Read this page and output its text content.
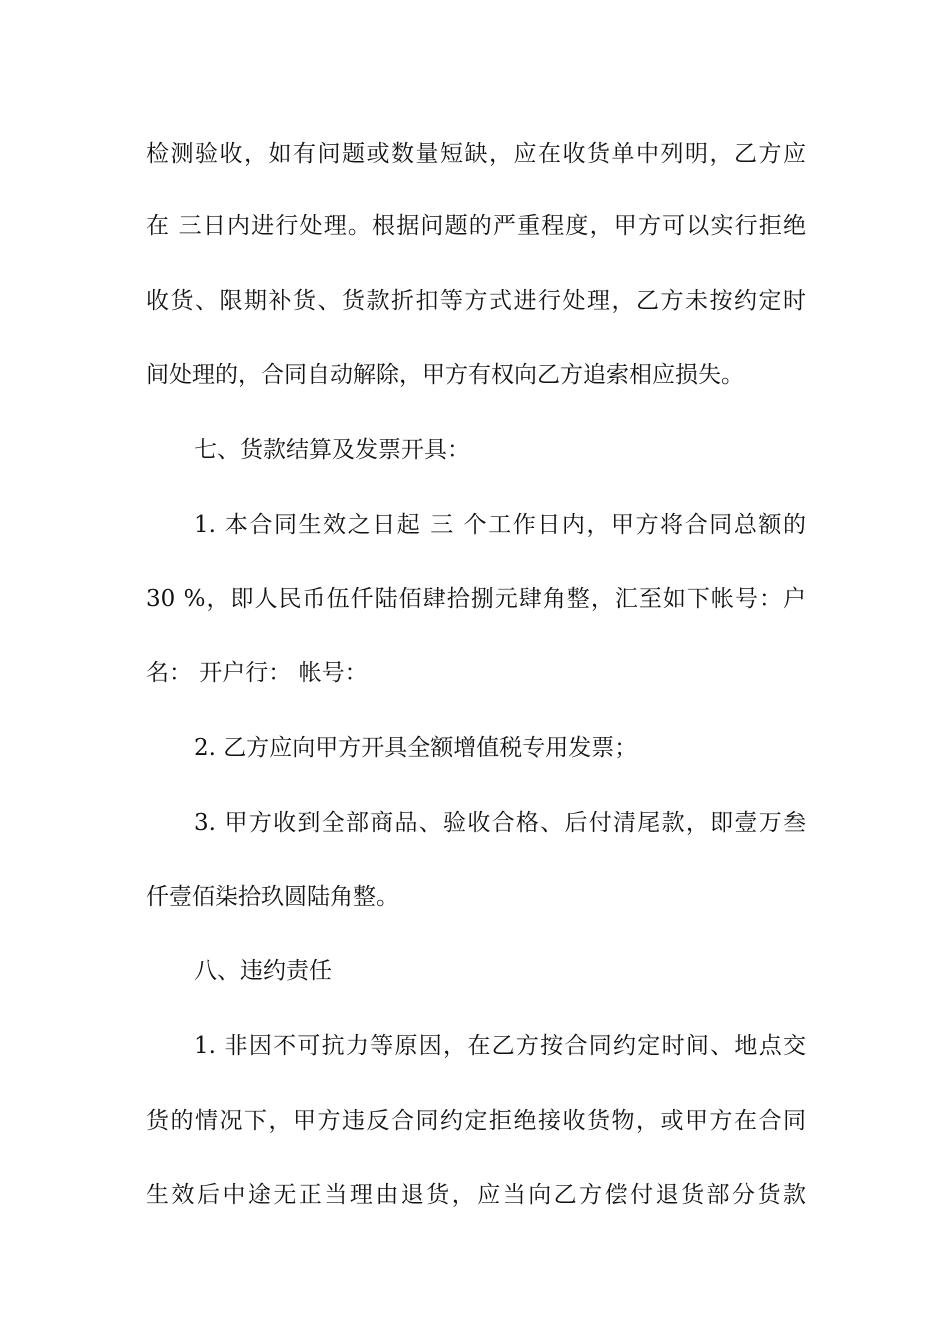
检测验收，如有问题或数量短缺，应在收货单中列明，乙方应
在 三日内进行处理。根据问题的严重程度，甲方可以实行拒绝
收货、限期补货、货款折扣等方式进行处理，乙方未按约定时
间处理的，合同自动解除，甲方有权向乙方追索相应损失。
七、货款结算及发票开具：
1. 本合同生效之日起 三 个工作日内，甲方将合同总额的
30 %，即人民币伍仟陆佰肆拾捌元肆角整，汇至如下帐号：户
名： 开户行： 帐号：
2. 乙方应向甲方开具全额增值税专用发票；
3. 甲方收到全部商品、验收合格、后付清尾款，即壹万叁
仟壹佰柒拾玖圆陆角整。
八、违约责任
1. 非因不可抗力等原因，在乙方按合同约定时间、地点交
货的情况下，甲方违反合同约定拒绝接收货物，或甲方在合同
生效后中途无正当理由退货，应当向乙方偿付退货部分货款
